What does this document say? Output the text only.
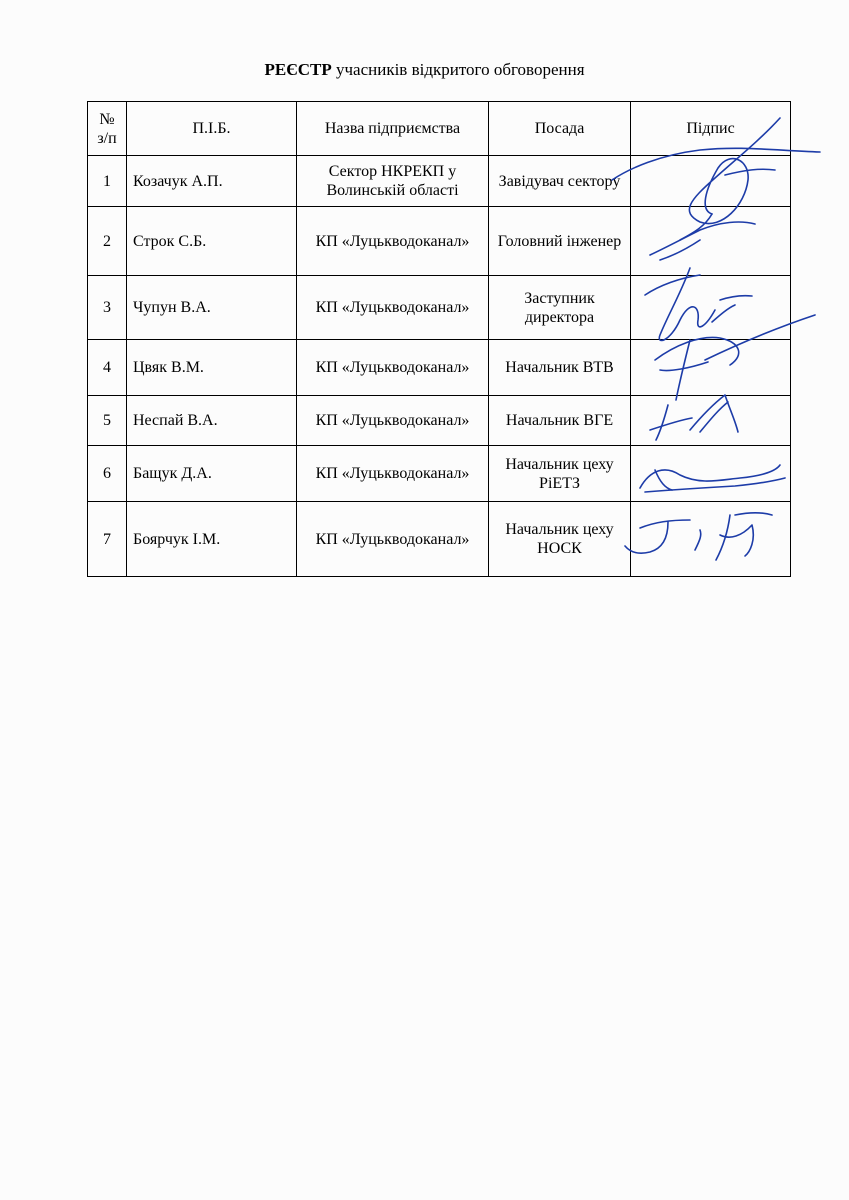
РЕЄСТР учасників відкритого обговорення
№ з/п	П.І.Б.	Назва підприємства	Посада	Підпис
1	Козачук А.П.	Сектор НКРЕКП у Волинській області	Завідувач сектору	
2	Строк С.Б.	КП «Луцькводоканал»	Головний інженер	
3	Чупун В.А.	КП «Луцькводоканал»	Заступник директора	
4	Цвяк В.М.	КП «Луцькводоканал»	Начальник ВТВ	
5	Неспай В.А.	КП «Луцькводоканал»	Начальник ВГЕ	
6	Бащук Д.А.	КП «Луцькводоканал»	Начальник цеху РіЕТЗ	
7	Боярчук І.М.	КП «Луцькводоканал»	Начальник цеху НОСК	
